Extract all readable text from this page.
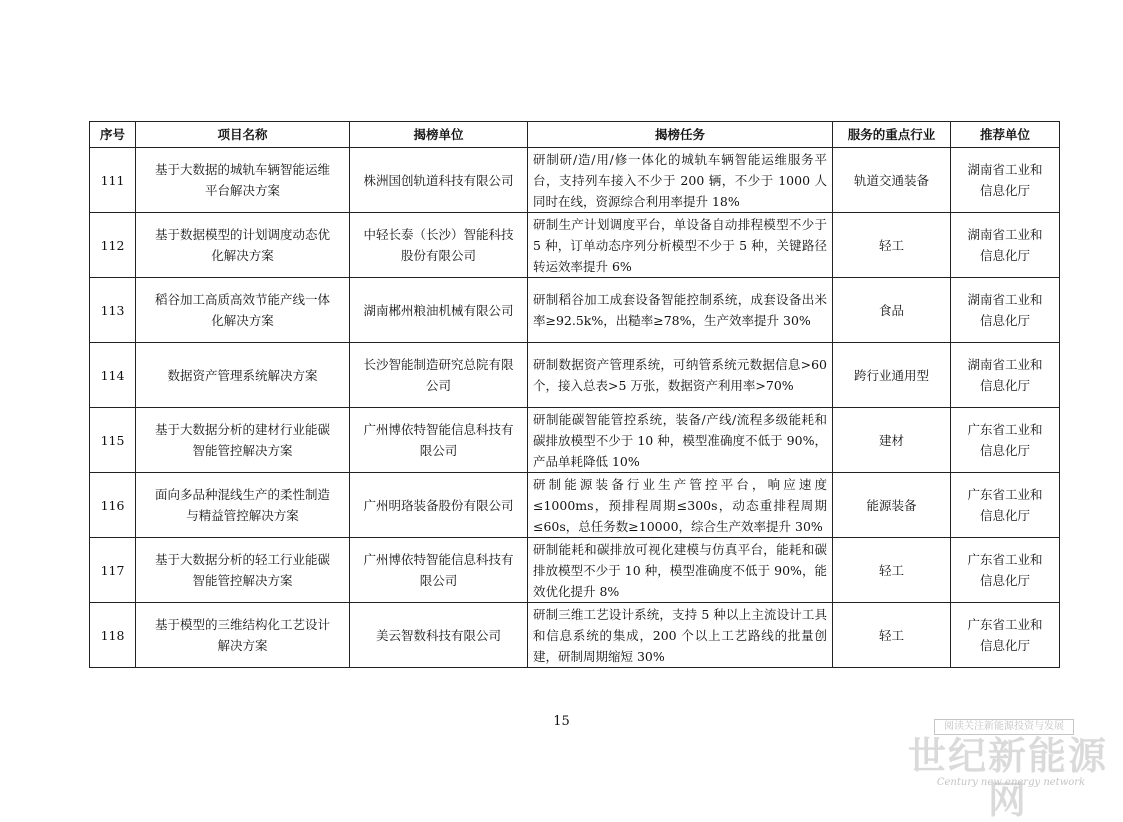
序号	项目名称	揭榜单位	揭榜任务	服务的重点行业	推荐单位
111	基于大数据的城轨车辆智能运维平台解决方案	株洲国创轨道科技有限公司	研制研/造/用/修一体化的城轨车辆智能运维服务平台，支持列车接入不少于 200 辆，不少于 1000 人同时在线，资源综合利用率提升 18%	轨道交通装备	湖南省工业和信息化厅
112	基于数据模型的计划调度动态优化解决方案	中轻长泰（长沙）智能科技股份有限公司	研制生产计划调度平台，单设备自动排程模型不少于 5 种，订单动态序列分析模型不少于 5 种，关键路径转运效率提升 6%	轻工	湖南省工业和信息化厅
113	稻谷加工高质高效节能产线一体化解决方案	湖南郴州粮油机械有限公司	研制稻谷加工成套设备智能控制系统，成套设备出米率≥92.5k%，出糙率≥78%，生产效率提升 30%	食品	湖南省工业和信息化厅
114	数据资产管理系统解决方案	长沙智能制造研究总院有限公司	研制数据资产管理系统，可纳管系统元数据信息>60 个，接入总表>5 万张，数据资产利用率>70%	跨行业通用型	湖南省工业和信息化厅
115	基于大数据分析的建材行业能碳智能管控解决方案	广州博依特智能信息科技有限公司	研制能碳智能管控系统，装备/产线/流程多级能耗和碳排放模型不少于 10 种，模型准确度不低于 90%，产品单耗降低 10%	建材	广东省工业和信息化厅
116	面向多品种混线生产的柔性制造与精益管控解决方案	广州明珞装备股份有限公司	研制能源装备行业生产管控平台，响应速度≤1000ms，预排程周期≤300s，动态重排程周期≤60s，总任务数≥10000，综合生产效率提升 30%	能源装备	广东省工业和信息化厅
117	基于大数据分析的轻工行业能碳智能管控解决方案	广州博依特智能信息科技有限公司	研制能耗和碳排放可视化建模与仿真平台，能耗和碳排放模型不少于 10 种，模型准确度不低于 90%，能效优化提升 8%	轻工	广东省工业和信息化厅
118	基于模型的三维结构化工艺设计解决方案	美云智数科技有限公司	研制三维工艺设计系统，支持 5 种以上主流设计工具和信息系统的集成，200 个以上工艺路线的批量创建，研制周期缩短 30%	轻工	广东省工业和信息化厅
15	阅读关注新能源投资与发展
世纪新能源网
Century new energy network
